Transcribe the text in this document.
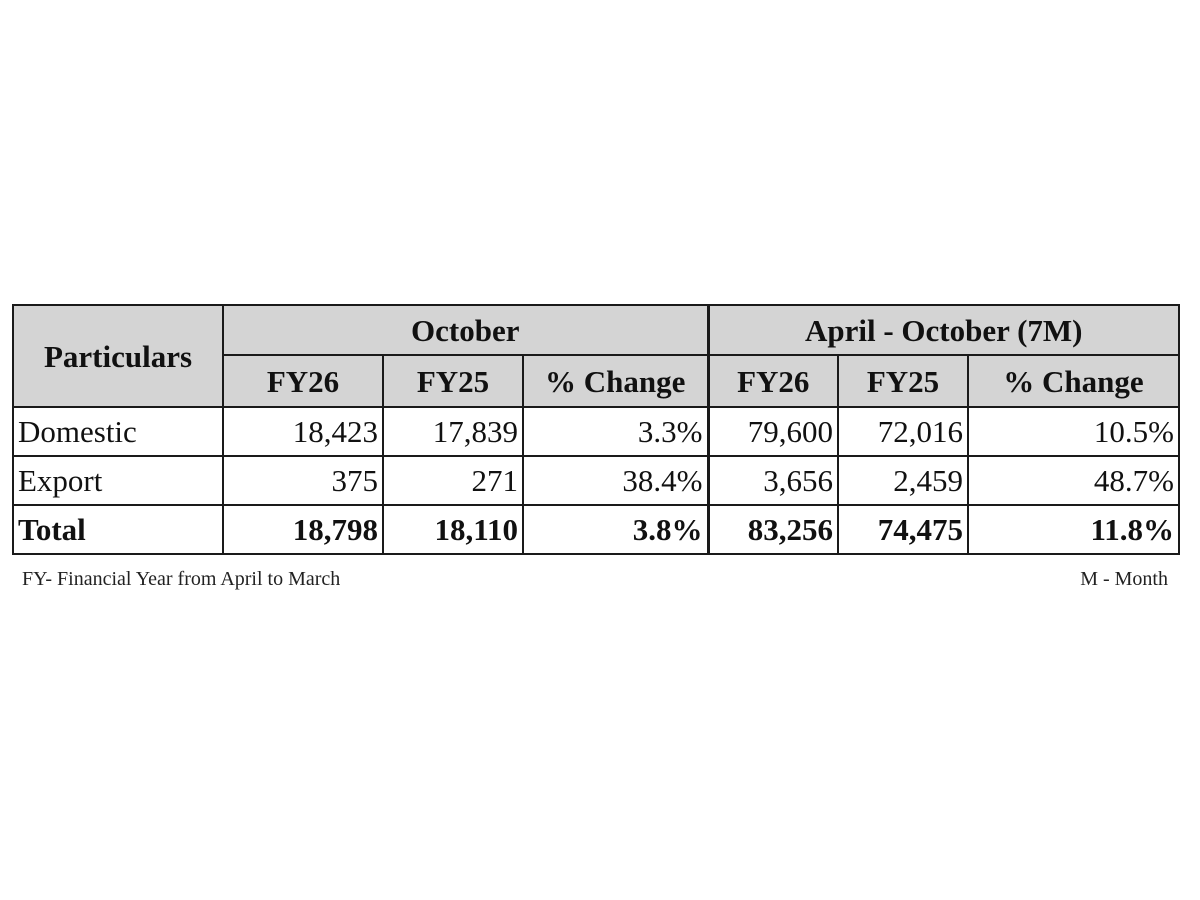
Particulars	October			April - October (7M)		
	FY26	FY25	% Change	FY26	FY25	% Change
Domestic	18,423	17,839	3.3%	79,600	72,016	10.5%
Export	375	271	38.4%	3,656	2,459	48.7%
Total	18,798	18,110	3.8%	83,256	74,475	11.8%
FY- Financial Year from April to March	M - Month
